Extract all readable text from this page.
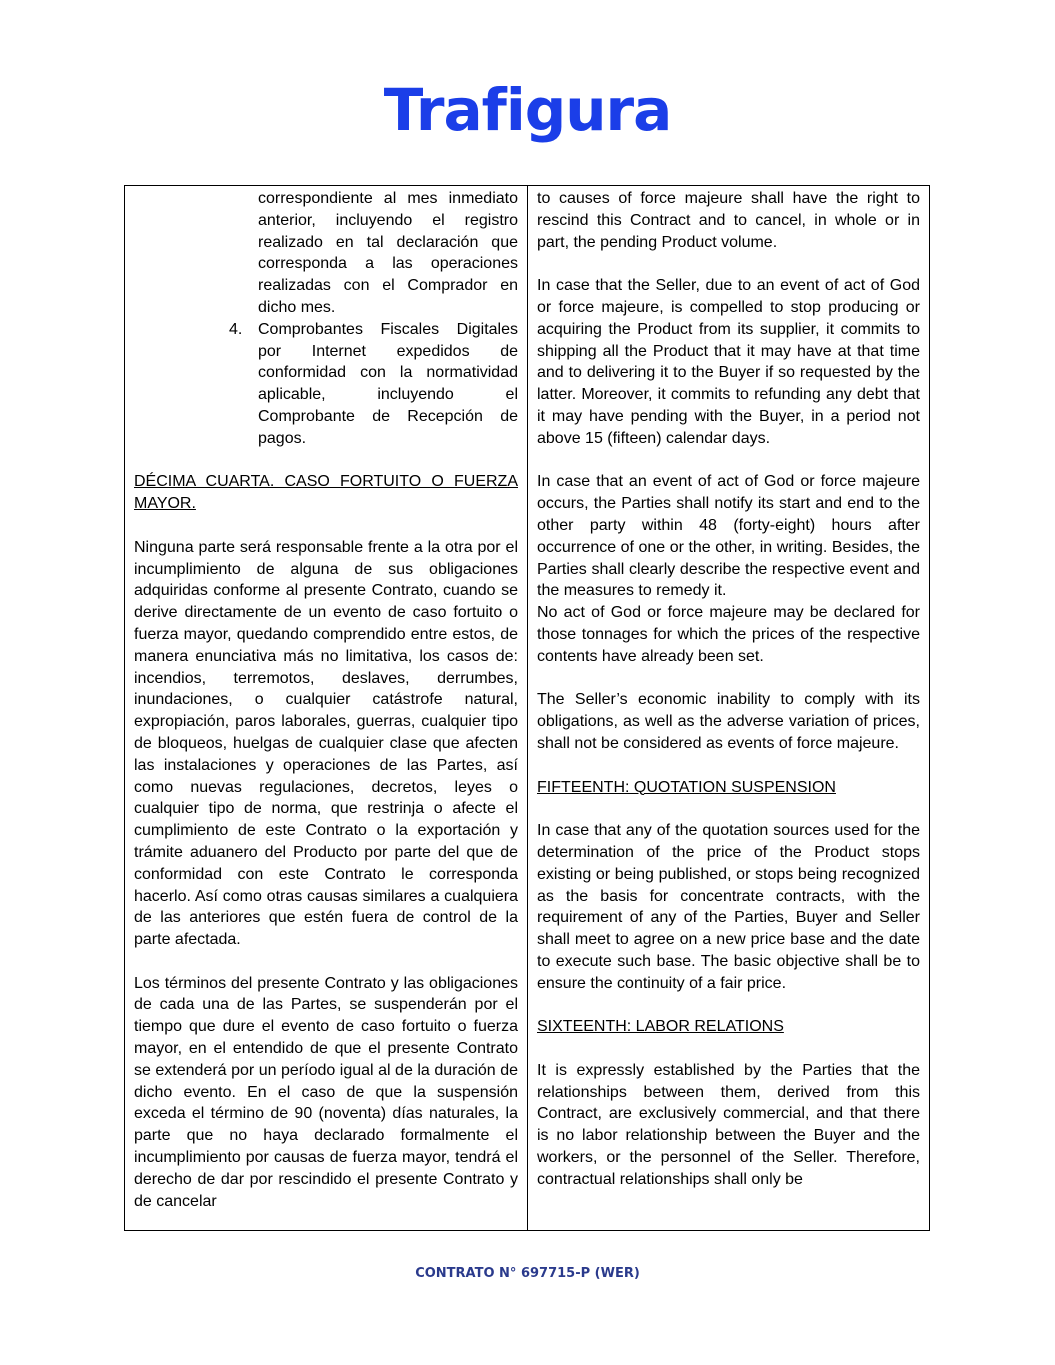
Trafigura

correspondiente al mes inmediato anterior, incluyendo el registro realizado en tal declaración que corresponda a las operaciones realizadas con el Comprador en dicho mes.

4. Comprobantes Fiscales Digitales por Internet expedidos de conformidad con la normatividad aplicable, incluyendo el Comprobante de Recepción de pagos.

DÉCIMA CUARTA. CASO FORTUITO O FUERZA MAYOR.

Ninguna parte será responsable frente a la otra por el incumplimiento de alguna de sus obligaciones adquiridas conforme al presente Contrato, cuando se derive directamente de un evento de caso fortuito o fuerza mayor, quedando comprendido entre estos, de manera enunciativa más no limitativa, los casos de: incendios, terremotos, deslaves, derrumbes, inundaciones, o cualquier catástrofe natural, expropiación, paros laborales, guerras, cualquier tipo de bloqueos, huelgas de cualquier clase que afecten las instalaciones y operaciones de las Partes, así como nuevas regulaciones, decretos, leyes o cualquier tipo de norma, que restrinja o afecte el cumplimiento de este Contrato o la exportación y trámite aduanero del Producto por parte del que de conformidad con este Contrato le corresponda hacerlo. Así como otras causas similares a cualquiera de las anteriores que estén fuera de control de la parte afectada.

Los términos del presente Contrato y las obligaciones de cada una de las Partes, se suspenderán por el tiempo que dure el evento de caso fortuito o fuerza mayor, en el entendido de que el presente Contrato se extenderá por un período igual al de la duración de dicho evento. En el caso de que la suspensión exceda el término de 90 (noventa) días naturales, la parte que no haya declarado formalmente el incumplimiento por causas de fuerza mayor, tendrá el derecho de dar por rescindido el presente Contrato y de cancelar

to causes of force majeure shall have the right to rescind this Contract and to cancel, in whole or in part, the pending Product volume.

In case that the Seller, due to an event of act of God or force majeure, is compelled to stop producing or acquiring the Product from its supplier, it commits to shipping all the Product that it may have at that time and to delivering it to the Buyer if so requested by the latter. Moreover, it commits to refunding any debt that it may have pending with the Buyer, in a period not above 15 (fifteen) calendar days.

In case that an event of act of God or force majeure occurs, the Parties shall notify its start and end to the other party within 48 (forty-eight) hours after occurrence of one or the other, in writing. Besides, the Parties shall clearly describe the respective event and the measures to remedy it.

No act of God or force majeure may be declared for those tonnages for which the prices of the respective contents have already been set.

The Seller’s economic inability to comply with its obligations, as well as the adverse variation of prices, shall not be considered as events of force majeure.

FIFTEENTH: QUOTATION SUSPENSION

In case that any of the quotation sources used for the determination of the price of the Product stops existing or being published, or stops being recognized as the basis for concentrate contracts, with the requirement of any of the Parties, Buyer and Seller shall meet to agree on a new price base and the date to execute such base. The basic objective shall be to ensure the continuity of a fair price.

SIXTEENTH: LABOR RELATIONS

It is expressly established by the Parties that the relationships between them, derived from this Contract, are exclusively commercial, and that there is no labor relationship between the Buyer and the workers, or the personnel of the Seller. Therefore, contractual relationships shall only be

CONTRATO N° 697715-P (WER)
